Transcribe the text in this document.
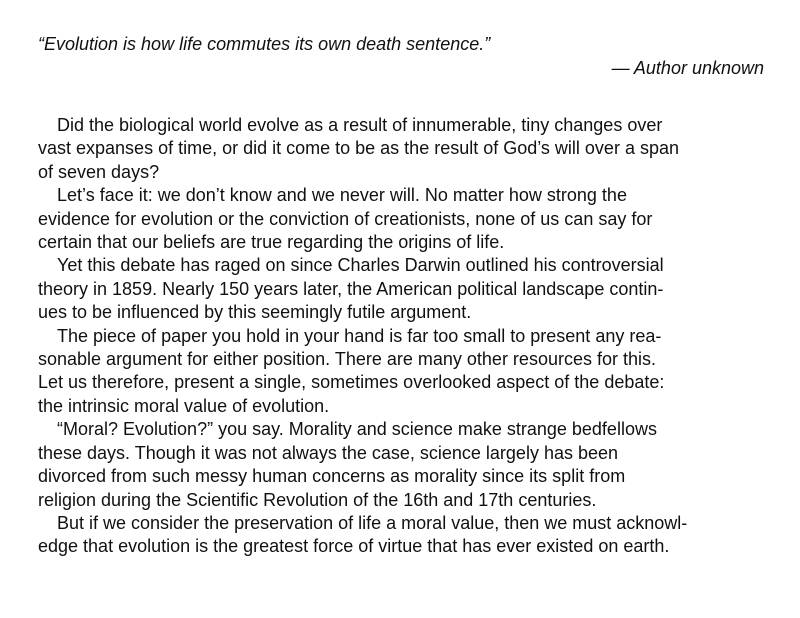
“Evolution is how life commutes its own death sentence.”

— Author unknown

Did the biological world evolve as a result of innumerable, tiny changes over
vast expanses of time, or did it come to be as the result of God’s will over a span
of seven days?

Let’s face it: we don’t know and we never will. No matter how strong the
evidence for evolution or the conviction of creationists, none of us can say for
certain that our beliefs are true regarding the origins of life.

Yet this debate has raged on since Charles Darwin outlined his controversial
theory in 1859. Nearly 150 years later, the American political landscape contin-
ues to be influenced by this seemingly futile argument.

The piece of paper you hold in your hand is far too small to present any rea-
sonable argument for either position. There are many other resources for this.
Let us therefore, present a single, sometimes overlooked aspect of the debate:
the intrinsic moral value of evolution.

“Moral? Evolution?” you say. Morality and science make strange bedfellows
these days. Though it was not always the case, science largely has been
divorced from such messy human concerns as morality since its split from
religion during the Scientific Revolution of the 16th and 17th centuries.

But if we consider the preservation of life a moral value, then we must acknowl-
edge that evolution is the greatest force of virtue that has ever existed on earth.
